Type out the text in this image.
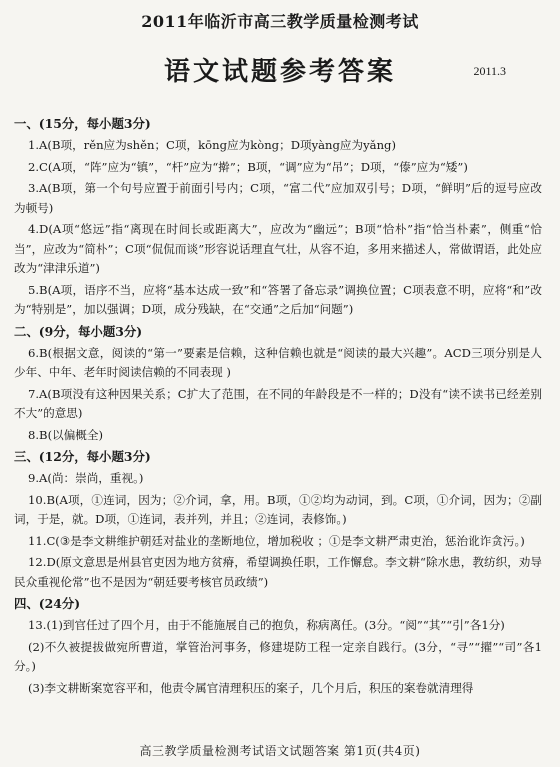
2011年临沂市高三教学质量检测考试
语文试题参考答案	2011.3
一、(15分，每小题3分)
1.A(B项，rěn应为shěn；C项，kōng应为kòng；D项yàng应为yǎng)
2.C(A项，“阵”应为“镇”，“杆”应为“擀”；B项，“调”应为“吊”；D项，“傣”应为“矮”)
3.A(B项，第一个句号应置于前面引号内；C项，“富二代”应加双引号；D项，“鲜明”后的逗号应改为顿号)
4.D(A项“悠远”指“离现在时间长或距离大”，应改为“幽远”；B项“恰朴”指“恰当朴素”，侧重“恰当”，应改为“简朴”；C项“侃侃而谈”形容说话理直气壮，从容不迫，多用来描述人，常做谓语，此处应改为“津津乐道”)
5.B(A项，语序不当，应将“基本达成一致”和“答署了备忘录”调换位置；C项表意不明，应将“和”改为“特别是”，加以强调；D项，成分残缺，在“交通”之后加“问题”)
二、(9分，每小题3分)
6.B(根据文意，阅读的“第一”要素是信赖，这种信赖也就是“阅读的最大兴趣”。ACD三项分别是人少年、中年、老年时阅读信赖的不同表现 )
7.A(B项没有这种因果关系；C扩大了范围，在不同的年龄段是不一样的；D没有“读不读书已经差别不大”的意思)
8.B(以偏概全)
三、(12分，每小题3分)
9.A(尚：崇尚，重视。)
10.B(A项，①连词，因为；②介词，拿，用。B项，①②均为动词，到。C项，①介词，因为；②副词，于是，就。D项，①连词，表并列，并且；②连词，表修饰。)
11.C(③是李文耕维护朝廷对盐业的垄断地位，增加税收 ；①是李文耕严肃吏治，惩治讹诈贪污。)
12.D(原文意思是州县官吏因为地方贫瘠，希望调换任职，工作懈怠。李文耕“除水患，教纺织，劝导民众重视伦常”也不是因为“朝廷要考核官员政绩”)
四、(24分)
13.(1)到官任过了四个月，由于不能施展自己的抱负，称病离任。(3分。“阅”“其”“引”各1分)
(2)不久被提拔做宛所曹道，掌管治河事务，修建堤防工程一定亲自践行。(3分，“寻”“擢”“司”各1分。)
(3)李文耕断案宽容平和，他责令属官清理积压的案子，几个月后，积压的案卷就清理得
高三教学质量检测考试语文试题答案 第1页(共4页)
